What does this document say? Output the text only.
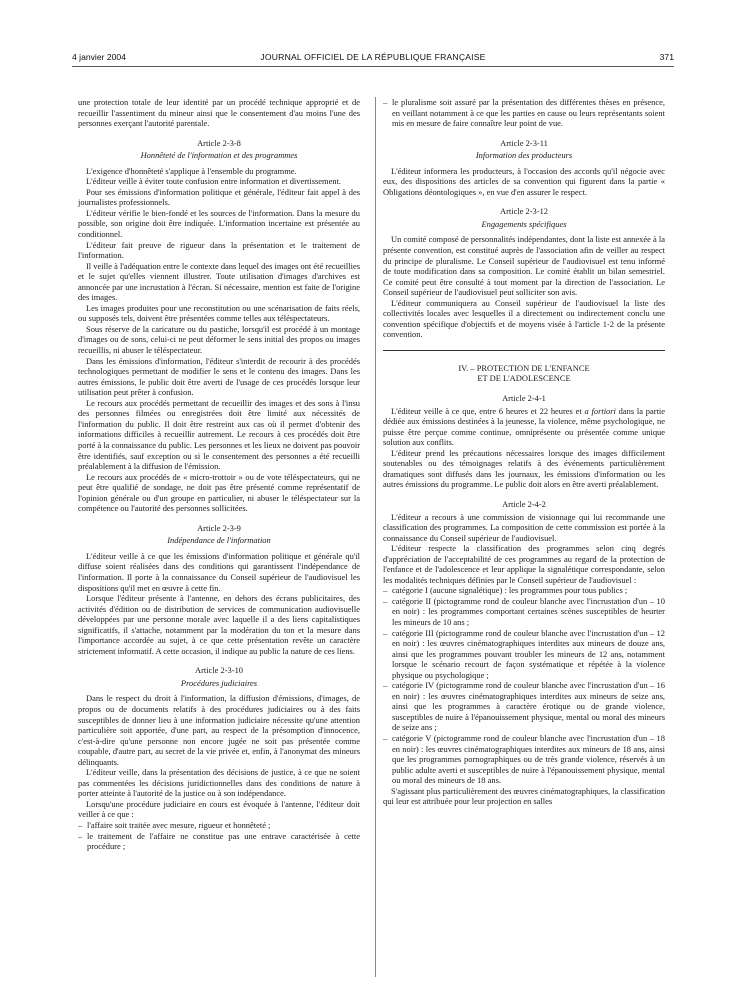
4 janvier 2004	JOURNAL OFFICIEL DE LA RÉPUBLIQUE FRANÇAISE	371

une protection totale de leur identité par un procédé technique approprié et de recueillir l'assentiment du mineur ainsi que le consentement d'au moins l'une des personnes exerçant l'autorité parentale.

Article 2-3-8
Honnêteté de l'information et des programmes

L'exigence d'honnêteté s'applique à l'ensemble du programme.

L'éditeur veille à éviter toute confusion entre information et divertissement.

Pour ses émissions d'information politique et générale, l'éditeur fait appel à des journalistes professionnels.

L'éditeur vérifie le bien-fondé et les sources de l'information. Dans la mesure du possible, son origine doit être indiquée. L'information incertaine est présentée au conditionnel.

L'éditeur fait preuve de rigueur dans la présentation et le traitement de l'information.

Il veille à l'adéquation entre le contexte dans lequel des images ont été recueillies et le sujet qu'elles viennent illustrer. Toute utilisation d'images d'archives est annoncée par une incrustation à l'écran. Si nécessaire, mention est faite de l'origine des images.

Les images produites pour une reconstitution ou une scénarisation de faits réels, ou supposés tels, doivent être présentées comme telles aux téléspectateurs.

Sous réserve de la caricature ou du pastiche, lorsqu'il est procédé à un montage d'images ou de sons, celui-ci ne peut déformer le sens initial des propos ou images recueillis, ni abuser le téléspectateur.

Dans les émissions d'information, l'éditeur s'interdit de recourir à des procédés technologiques permettant de modifier le sens et le contenu des images. Dans les autres émissions, le public doit être averti de l'usage de ces procédés lorsque leur utilisation peut prêter à confusion.

Le recours aux procédés permettant de recueillir des images et des sons à l'insu des personnes filmées ou enregistrées doit être limité aux nécessités de l'information du public. Il doit être restreint aux cas où il permet d'obtenir des informations difficiles à recueillir autrement. Le recours à ces procédés doit être porté à la connaissance du public. Les personnes et les lieux ne doivent pas pouvoir être identifiés, sauf exception ou si le consentement des personnes a été recueilli préalablement à la diffusion de l'émission.

Le recours aux procédés de « micro-trottoir » ou de vote téléspectateurs, qui ne peut être qualifié de sondage, ne doit pas être présenté comme représentatif de l'opinion générale ou d'un groupe en particulier, ni abuser le téléspectateur sur la compétence ou l'autorité des personnes sollicitées.

Article 2-3-9
Indépendance de l'information

L'éditeur veille à ce que les émissions d'information politique et générale qu'il diffuse soient réalisées dans des conditions qui garantissent l'indépendance de l'information. Il porte à la connaissance du Conseil supérieur de l'audiovisuel les dispositions qu'il met en œuvre à cette fin.

Lorsque l'éditeur présente à l'antenne, en dehors des écrans publicitaires, des activités d'édition ou de distribution de services de communication audiovisuelle développées par une personne morale avec laquelle il a des liens capitalistiques significatifs, il s'attache, notamment par la modération du ton et la mesure dans l'importance accordée au sujet, à ce que cette présentation revête un caractère strictement informatif. A cette occasion, il indique au public la nature de ces liens.

Article 2-3-10
Procédures judiciaires

Dans le respect du droit à l'information, la diffusion d'émissions, d'images, de propos ou de documents relatifs à des procédures judiciaires ou à des faits susceptibles de donner lieu à une information judiciaire nécessite qu'une attention particulière soit apportée, d'une part, au respect de la présomption d'innocence, c'est-à-dire qu'une personne non encore jugée ne soit pas présentée comme coupable, d'autre part, au secret de la vie privée et, enfin, à l'anonymat des mineurs délinquants.

L'éditeur veille, dans la présentation des décisions de justice, à ce que ne soient pas commentées les décisions juridictionnelles dans des conditions de nature à porter atteinte à l'autorité de la justice ou à son indépendance.

Lorsqu'une procédure judiciaire en cours est évoquée à l'antenne, l'éditeur doit veiller à ce que :

– l'affaire soit traitée avec mesure, rigueur et honnêteté ;

– le traitement de l'affaire ne constitue pas une entrave caractérisée à cette procédure ;

– le pluralisme soit assuré par la présentation des différentes thèses en présence, en veillant notamment à ce que les parties en cause ou leurs représentants soient mis en mesure de faire connaître leur point de vue.

Article 2-3-11
Information des producteurs

L'éditeur informera les producteurs, à l'occasion des accords qu'il négocie avec eux, des dispositions des articles de sa convention qui figurent dans la partie « Obligations déontologiques », en vue d'en assurer le respect.

Article 2-3-12
Engagements spécifiques

Un comité composé de personnalités indépendantes, dont la liste est annexée à la présente convention, est constitué auprès de l'association afin de veiller au respect du principe de pluralisme. Le Conseil supérieur de l'audiovisuel est tenu informé de toute modification dans sa composition. Le comité établit un bilan semestriel. Ce comité peut être consulté à tout moment par la direction de l'association. Le Conseil supérieur de l'audiovisuel peut solliciter son avis.

L'éditeur communiquera au Conseil supérieur de l'audiovisuel la liste des collectivités locales avec lesquelles il a directement ou indirectement conclu une convention spécifique d'objectifs et de moyens visée à l'article 1-2 de la présente convention.

IV. – PROTECTION DE L'ENFANCE
ET DE L'ADOLESCENCE
Article 2-4-1

L'éditeur veille à ce que, entre 6 heures et 22 heures et a fortiori dans la partie dédiée aux émissions destinées à la jeunesse, la violence, même psychologique, ne puisse être perçue comme continue, omniprésente ou présentée comme unique solution aux conflits.

L'éditeur prend les précautions nécessaires lorsque des images difficilement soutenables ou des témoignages relatifs à des événements particulièrement dramatiques sont diffusés dans les journaux, les émissions d'information ou les autres émissions du programme. Le public doit alors en être averti préalablement.

Article 2-4-2

L'éditeur a recours à une commission de visionnage qui lui recommande une classification des programmes. La composition de cette commission est portée à la connaissance du Conseil supérieur de l'audiovisuel.

L'éditeur respecte la classification des programmes selon cinq degrés d'appréciation de l'acceptabilité de ces programmes au regard de la protection de l'enfance et de l'adolescence et leur applique la signalétique correspondante, selon les modalités techniques définies par le Conseil supérieur de l'audiovisuel :

– catégorie I (aucune signalétique) : les programmes pour tous publics ;

– catégorie II (pictogramme rond de couleur blanche avec l'incrustation d'un – 10 en noir) : les programmes comportant certaines scènes susceptibles de heurter les mineurs de 10 ans ;

– catégorie III (pictogramme rond de couleur blanche avec l'incrustation d'un – 12 en noir) : les œuvres cinématographiques interdites aux mineurs de douze ans, ainsi que les programmes pouvant troubler les mineurs de 12 ans, notamment lorsque le scénario recourt de façon systématique et répétée à la violence physique ou psychologique ;

– catégorie IV (pictogramme rond de couleur blanche avec l'incrustation d'un – 16 en noir) : les œuvres cinématographiques interdites aux mineurs de seize ans, ainsi que les programmes à caractère érotique ou de grande violence, susceptibles de nuire à l'épanouissement physique, mental ou moral des mineurs de seize ans ;

– catégorie V (pictogramme rond de couleur blanche avec l'incrustation d'un – 18 en noir) : les œuvres cinématographiques interdites aux mineurs de 18 ans, ainsi que les programmes pornographiques ou de très grande violence, réservés à un public adulte averti et susceptibles de nuire à l'épanouissement physique, mental ou moral des mineurs de 18 ans.

S'agissant plus particulièrement des œuvres cinématographiques, la classification qui leur est attribuée pour leur projection en salles
